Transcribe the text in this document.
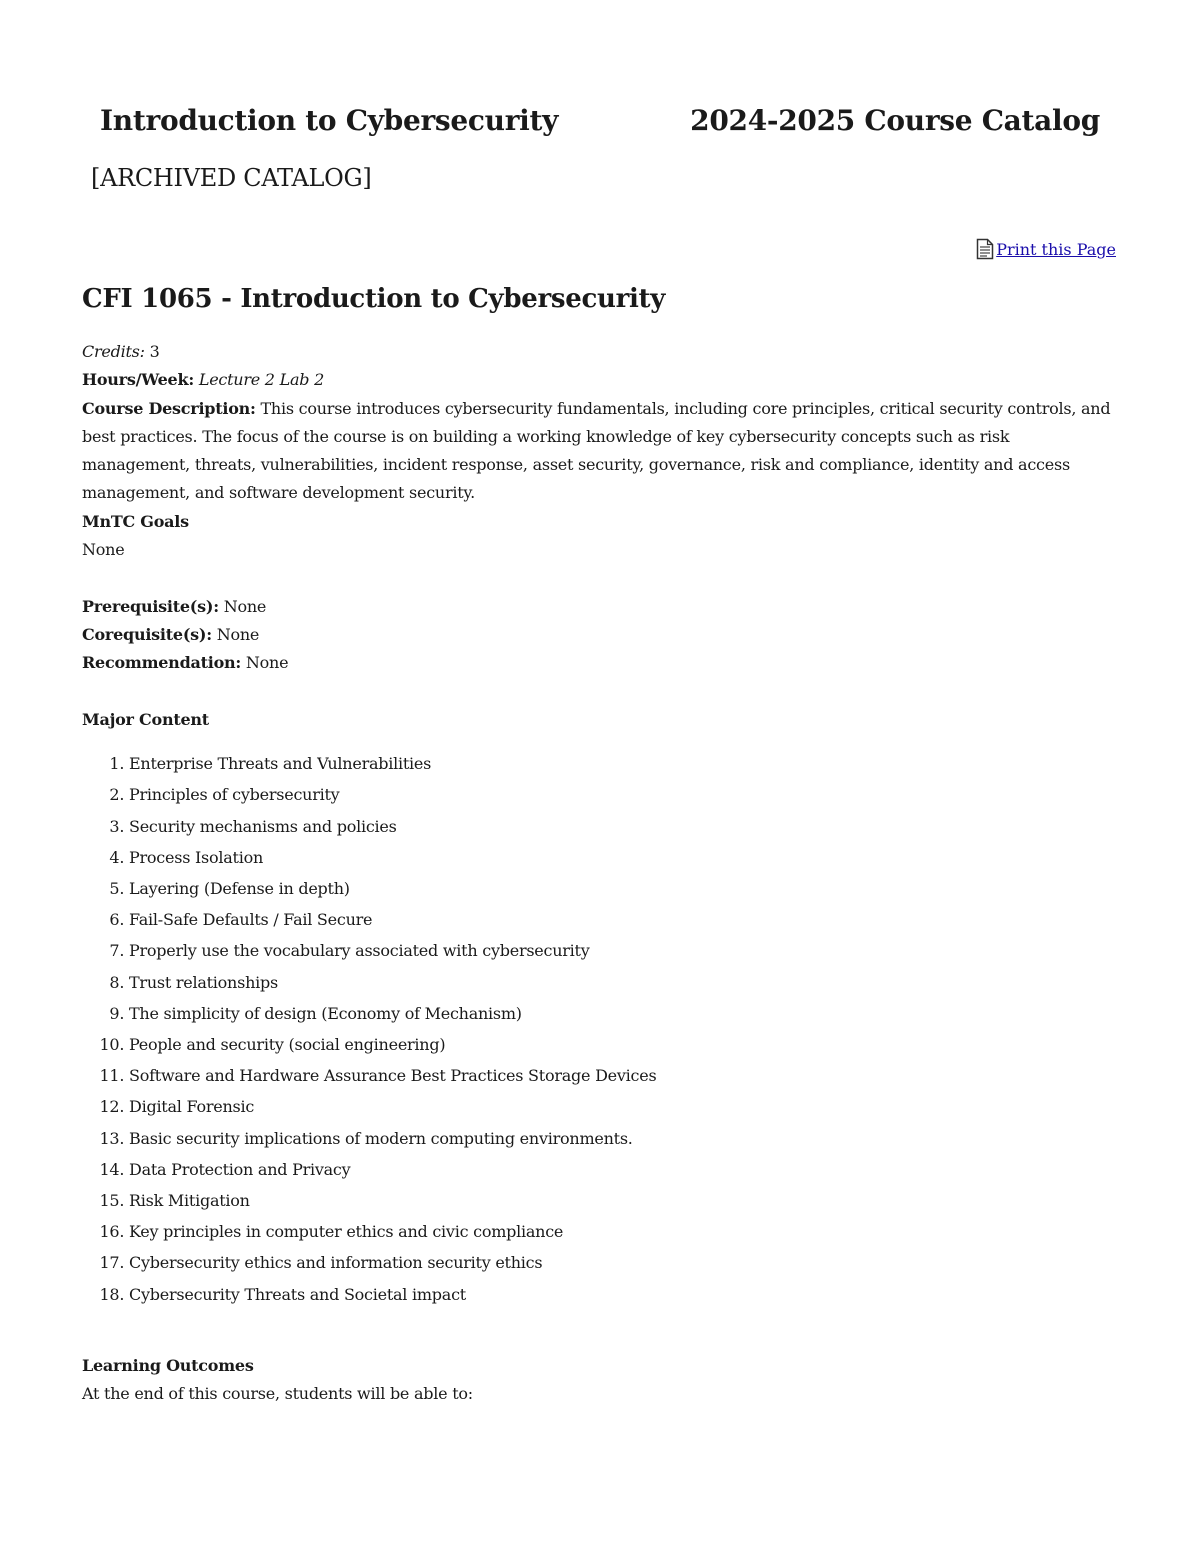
Introduction to Cybersecurity	2024-2025 Course Catalog
[ARCHIVED CATALOG]
Print this Page
CFI 1065 - Introduction to Cybersecurity

Credits: 3

Hours/Week: Lecture 2 Lab 2

Course Description: This course introduces cybersecurity fundamentals, including core principles, critical security controls, and best practices. The focus of the course is on building a working knowledge of key cybersecurity concepts such as risk management, threats, vulnerabilities, incident response, asset security, governance, risk and compliance, identity and access management, and software development security.

MnTC Goals

None

Prerequisite(s): None

Corequisite(s): None

Recommendation: None

Major Content

1. Enterprise Threats and Vulnerabilities
2. Principles of cybersecurity
3. Security mechanisms and policies
4. Process Isolation
5. Layering (Defense in depth)
6. Fail-Safe Defaults / Fail Secure
7. Properly use the vocabulary associated with cybersecurity
8. Trust relationships
9. The simplicity of design (Economy of Mechanism)
10. People and security (social engineering)
11. Software and Hardware Assurance Best Practices Storage Devices
12. Digital Forensic
13. Basic security implications of modern computing environments.
14. Data Protection and Privacy
15. Risk Mitigation
16. Key principles in computer ethics and civic compliance
17. Cybersecurity ethics and information security ethics
18. Cybersecurity Threats and Societal impact

Learning Outcomes

At the end of this course, students will be able to:
